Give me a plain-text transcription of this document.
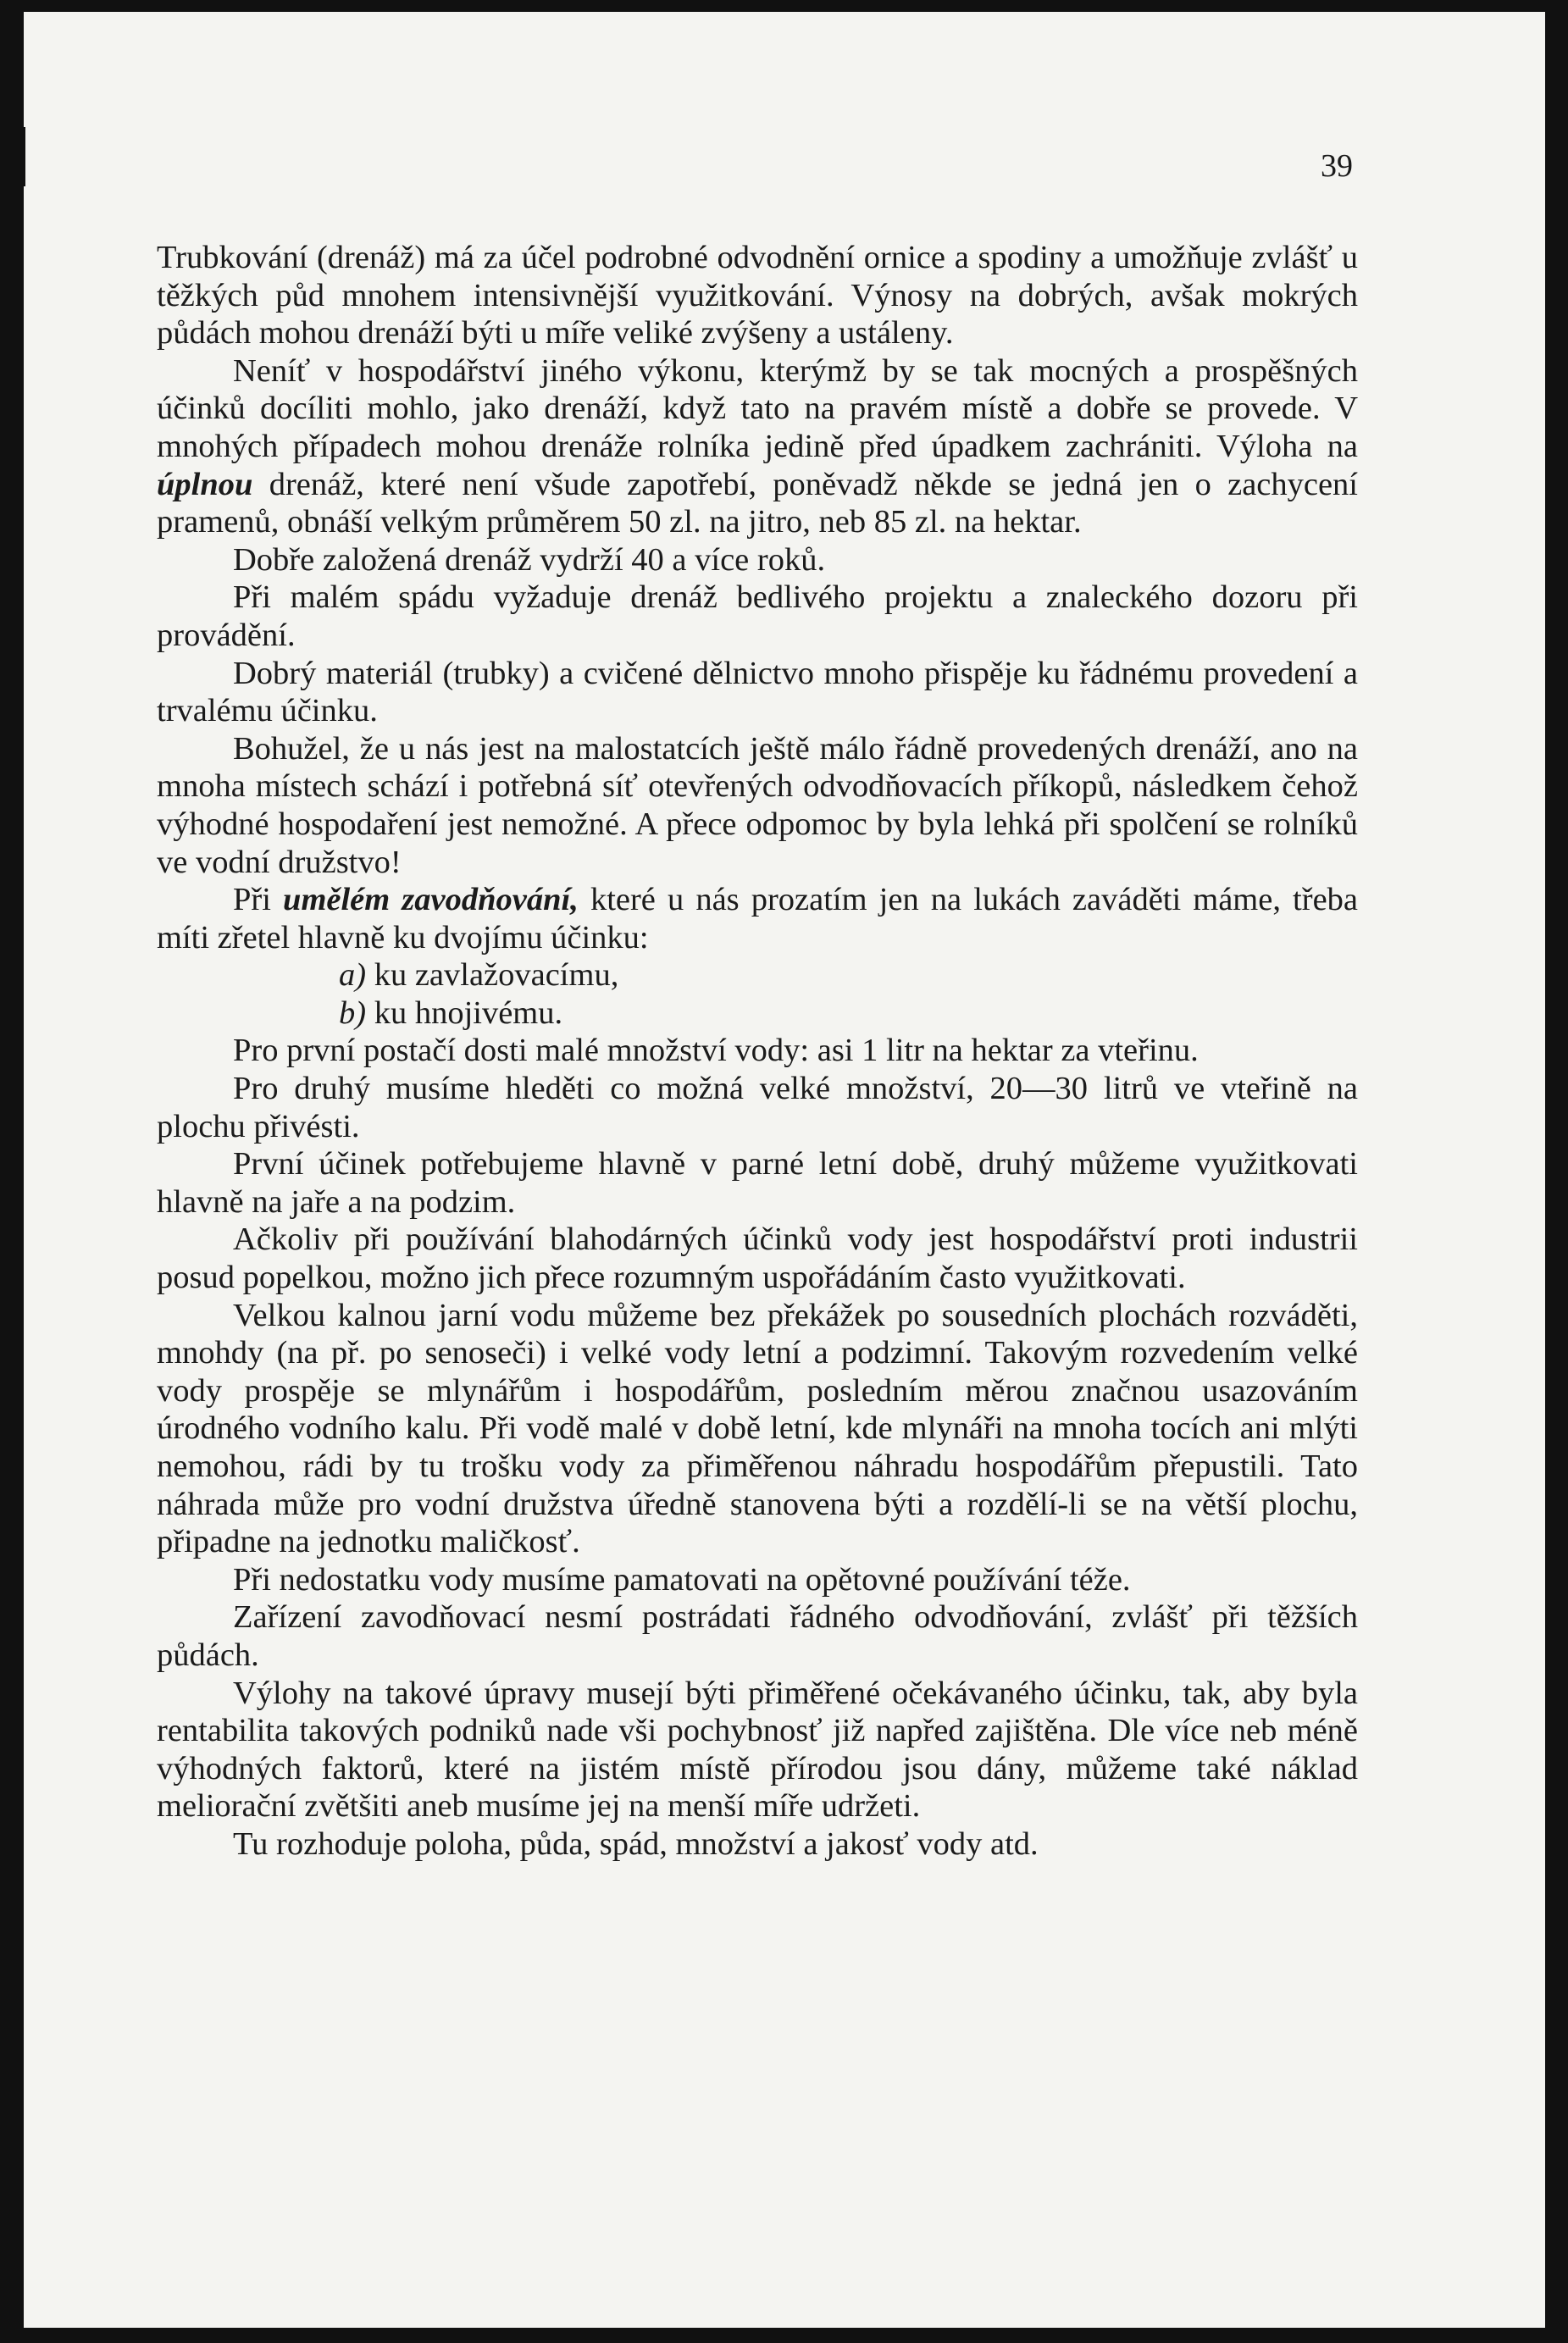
39

Trubkování (drenáž) má za účel podrobné odvodnění ornice a spodiny a umožňuje zvlášť u těžkých půd mnohem intensivnější využitkování. Výnosy na dobrých, avšak mokrých půdách mohou drenáží býti u míře veliké zvýšeny a ustáleny.

Neníť v hospodářství jiného výkonu, kterýmž by se tak mocných a prospěšných účinků docíliti mohlo, jako drenáží, když tato na pravém místě a dobře se provede. V mnohých případech mohou drenáže rolníka jedině před úpadkem zachrániti. Výloha na úplnou drenáž, které není všude zapotřebí, poněvadž někde se jedná jen o zachycení pramenů, obnáší velkým průměrem 50 zl. na jitro, neb 85 zl. na hektar.

Dobře založená drenáž vydrží 40 a více roků.

Při malém spádu vyžaduje drenáž bedlivého projektu a znaleckého dozoru při provádění.

Dobrý materiál (trubky) a cvičené dělnictvo mnoho přispěje ku řádnému provedení a trvalému účinku.

Bohužel, že u nás jest na malostatcích ještě málo řádně provedených drenáží, ano na mnoha místech schází i potřebná síť otevřených odvodňovacích příkopů, následkem čehož výhodné hospodaření jest nemožné. A přece odpomoc by byla lehká při spolčení se rolníků ve vodní družstvo!

Při umělém zavodňování, které u nás prozatím jen na lukách zaváděti máme, třeba míti zřetel hlavně ku dvojímu účinku:

a) ku zavlažovacímu,

b) ku hnojivému.

Pro první postačí dosti malé množství vody: asi 1 litr na hektar za vteřinu.

Pro druhý musíme hleděti co možná velké množství, 20—30 litrů ve vteřině na plochu přivésti.

První účinek potřebujeme hlavně v parné letní době, druhý můžeme využitkovati hlavně na jaře a na podzim.

Ačkoliv při používání blahodárných účinků vody jest hospodářství proti industrii posud popelkou, možno jich přece rozumným uspořádáním často využitkovati.

Velkou kalnou jarní vodu můžeme bez překážek po sousedních plochách rozváděti, mnohdy (na př. po senoseči) i velké vody letní a podzimní. Takovým rozvedením velké vody prospěje se mlynářům i hospodářům, posledním měrou značnou usazováním úrodného vodního kalu. Při vodě malé v době letní, kde mlynáři na mnoha tocích ani mlýti nemohou, rádi by tu trošku vody za přiměřenou náhradu hospodářům přepustili. Tato náhrada může pro vodní družstva úředně stanovena býti a rozdělí-li se na větší plochu, připadne na jednotku maličkosť.

Při nedostatku vody musíme pamatovati na opětovné používání téže.

Zařízení zavodňovací nesmí postrádati řádného odvodňování, zvlášť při těžších půdách.

Výlohy na takové úpravy musejí býti přiměřené očekávaného účinku, tak, aby byla rentabilita takových podniků nade vši pochybnosť již napřed zajištěna. Dle více neb méně výhodných faktorů, které na jistém místě přírodou jsou dány, můžeme také náklad meliorační zvětšiti aneb musíme jej na menší míře udržeti.

Tu rozhoduje poloha, půda, spád, množství a jakosť vody atd.
